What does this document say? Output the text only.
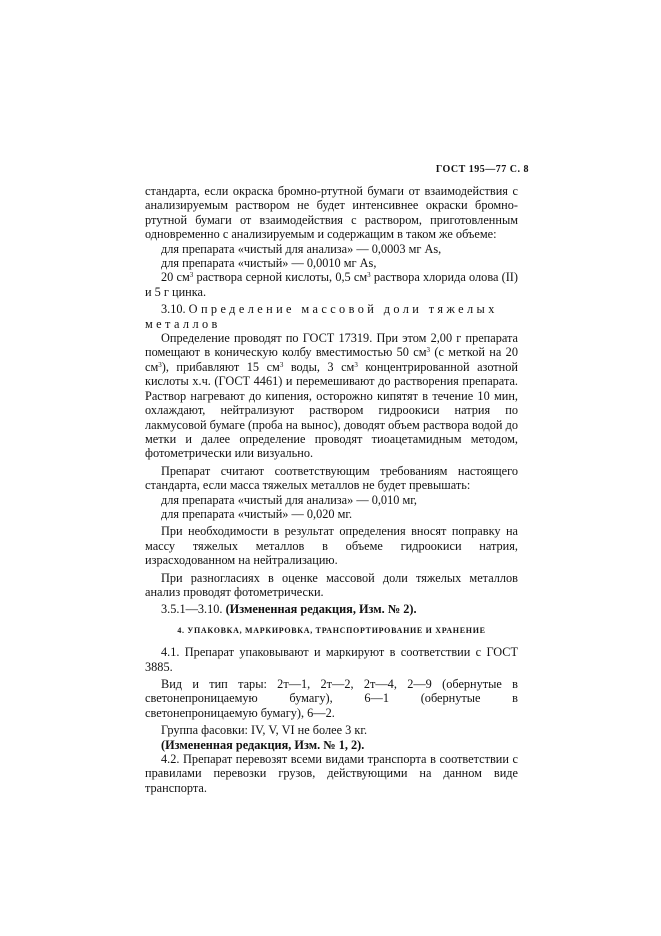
ГОСТ 195—77 С. 8

стандарта, если окраска бромно-ртутной бумаги от взаимодействия с анализируемым раствором не будет интенсивнее окраски бромно-ртутной бумаги от взаимодействия с раствором, приготовленным одновременно с анализируемым и содержащим в таком же объеме:

для препарата «чистый для анализа» — 0,0003 мг As,

для препарата «чистый» — 0,0010 мг As,

20 $см^3$ раствора серной кислоты, 0,5 $см^3$ раствора хлорида олова (II) и 5 г цинка.

3.10. Определение массовой доли тяжелых металлов

Определение проводят по ГОСТ 17319. При этом 2,00 г препарата помещают в коническую колбу вместимостью 50 $см^3$ (с меткой на 20 $см^3$), прибавляют 15 $см^3$ воды, 3 $см^3$ концентрированной азотной кислоты х.ч. (ГОСТ 4461) и перемешивают до растворения препарата. Раствор нагревают до кипения, осторожно кипятят в течение 10 мин, охлаждают, нейтрализуют раствором гидроокиси натрия по лакмусовой бумаге (проба на вынос), доводят объем раствора водой до метки и далее определение проводят тиоацетамидным методом, фотометрически или визуально.

Препарат считают соответствующим требованиям настоящего стандарта, если масса тяжелых металлов не будет превышать:

для препарата «чистый для анализа» — 0,010 мг,

для препарата «чистый» — 0,020 мг.

При необходимости в результат определения вносят поправку на массу тяжелых металлов в объеме гидроокиси натрия, израсходованном на нейтрализацию.

При разногласиях в оценке массовой доли тяжелых металлов анализ проводят фотометрически.

3.5.1—3.10. (Измененная редакция, Изм. № 2).

4. УПАКОВКА, МАРКИРОВКА, ТРАНСПОРТИРОВАНИЕ И ХРАНЕНИЕ

4.1. Препарат упаковывают и маркируют в соответствии с ГОСТ 3885.

Вид и тип тары: 2т—1, 2т—2, 2т—4, 2—9 (обернутые в светонепроницаемую бумагу), 6—1 (обернутые в светонепроницаемую бумагу), 6—2.

Группа фасовки: IV, V, VI не более 3 кг.

(Измененная редакция, Изм. № 1, 2).

4.2. Препарат перевозят всеми видами транспорта в соответствии с правилами перевозки грузов, действующими на данном виде транспорта.
